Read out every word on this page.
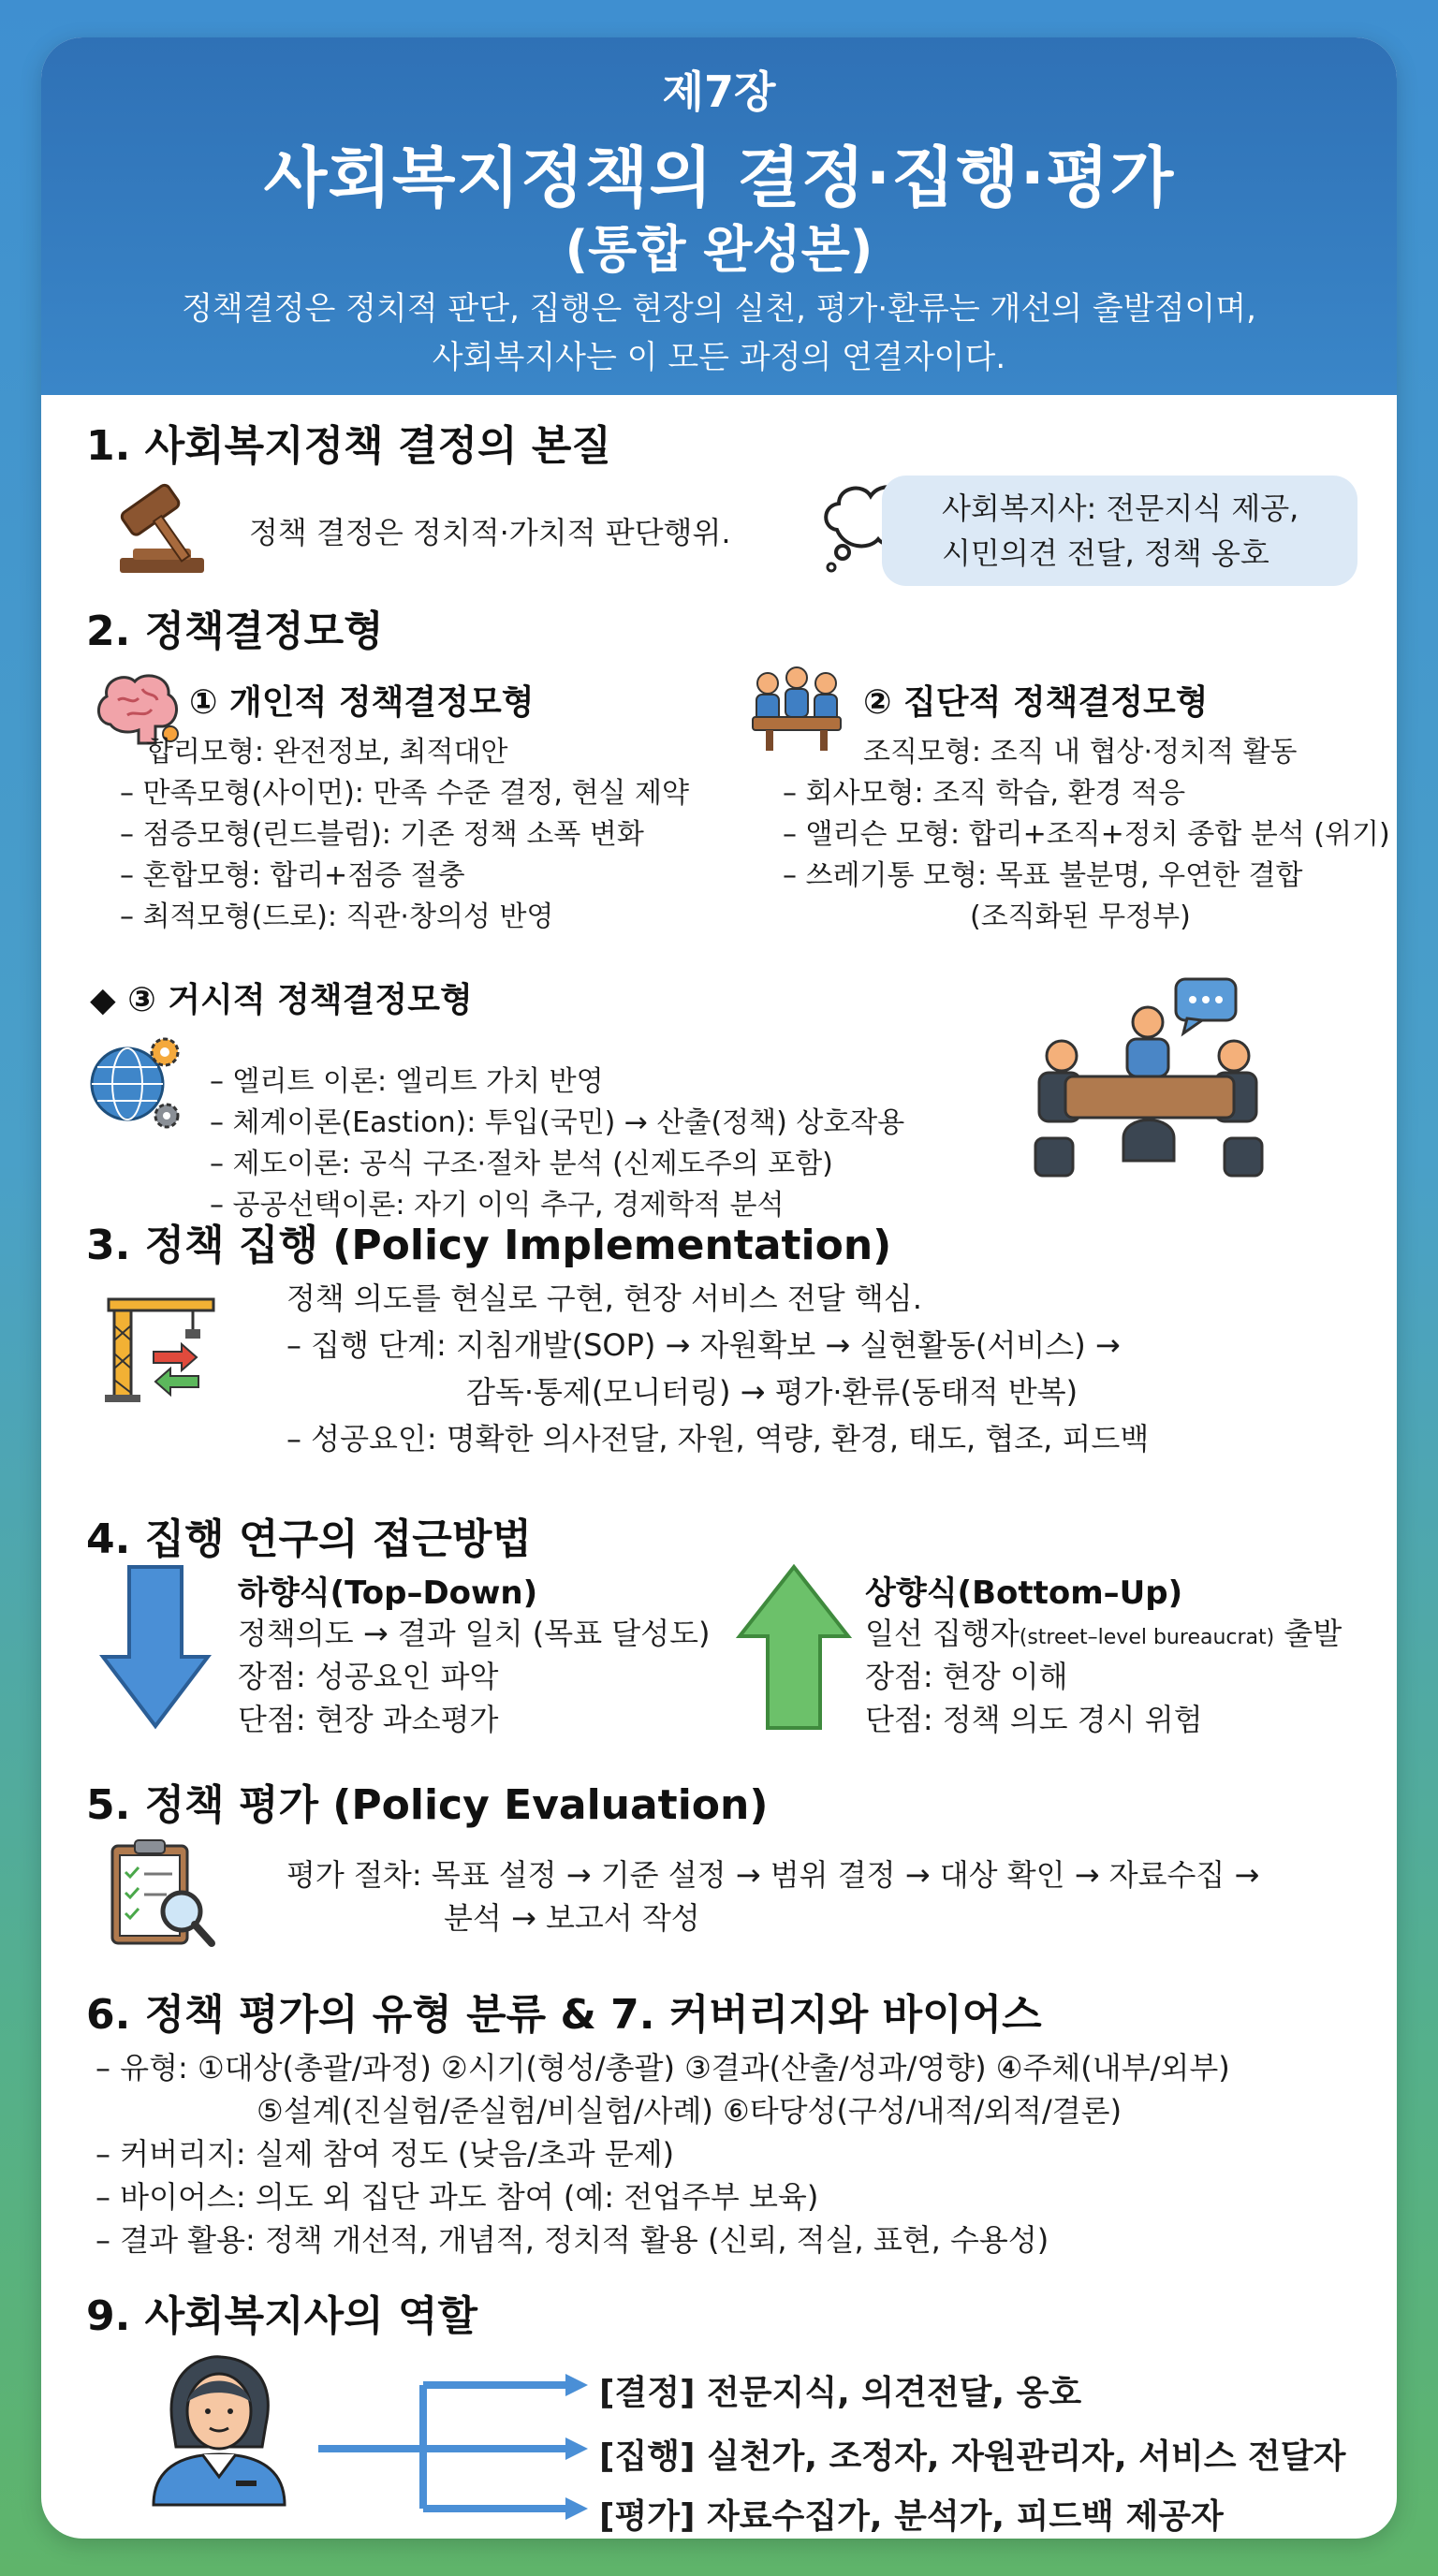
제7장
사회복지정책의 결정·집행·평가
(통합 완성본)
정책결정은 정치적 판단, 집행은 현장의 실천, 평가·환류는 개선의 출발점이며,
사회복지사는 이 모든 과정의 연결자이다.
1. 사회복지정책 결정의 본질
정책 결정은 정치적·가치적 판단행위.
사회복지사: 전문지식 제공,
시민의견 전달, 정책 옹호
2. 정책결정모형
① 개인적 정책결정모형
합리모형: 완전정보, 최적대안
– 만족모형(사이먼): 만족 수준 결정, 현실 제약
– 점증모형(린드블럼): 기존 정책 소폭 변화
– 혼합모형: 합리+점증 절충
– 최적모형(드로): 직관·창의성 반영
② 집단적 정책결정모형
조직모형: 조직 내 협상·정치적 활동
– 회사모형: 조직 학습, 환경 적응
– 앨리슨 모형: 합리+조직+정치 종합 분석 (위기)
– 쓰레기통 모형: 목표 불분명, 우연한 결합
(조직화된 무정부)
◆ ③ 거시적 정책결정모형
– 엘리트 이론: 엘리트 가치 반영
– 체계이론(Eastion): 투입(국민) → 산출(정책) 상호작용
– 제도이론: 공식 구조·절차 분석 (신제도주의 포함)
– 공공선택이론: 자기 이익 추구, 경제학적 분석
3. 정책 집행 (Policy Implementation)
정책 의도를 현실로 구현, 현장 서비스 전달 핵심.
– 집행 단계: 지침개발(SOP) → 자원확보 → 실현활동(서비스) →
감독·통제(모니터링) → 평가·환류(동태적 반복)
– 성공요인: 명확한 의사전달, 자원, 역량, 환경, 태도, 협조, 피드백
4. 집행 연구의 접근방법
하향식(Top–Down)
정책의도 → 결과 일치 (목표 달성도)
장점: 성공요인 파악
단점: 현장 과소평가
상향식(Bottom–Up)
일선 집행자(street–level bureaucrat) 출발
장점: 현장 이해
단점: 정책 의도 경시 위험
5. 정책 평가 (Policy Evaluation)
평가 절차: 목표 설정 → 기준 설정 → 범위 결정 → 대상 확인 → 자료수집 →
분석 → 보고서 작성
6. 정책 평가의 유형 분류 & 7. 커버리지와 바이어스
– 유형: ①대상(총괄/과정) ②시기(형성/총괄) ③결과(산출/성과/영향) ④주체(내부/외부)
⑤설계(진실험/준실험/비실험/사례) ⑥타당성(구성/내적/외적/결론)
– 커버리지: 실제 참여 정도 (낮음/초과 문제)
– 바이어스: 의도 외 집단 과도 참여 (예: 전업주부 보육)
– 결과 활용: 정책 개선적, 개념적, 정치적 활용 (신뢰, 적실, 표현, 수용성)
9. 사회복지사의 역할
[결정] 전문지식, 의견전달, 옹호
[집행] 실천가, 조정자, 자원관리자, 서비스 전달자
[평가] 자료수집가, 분석가, 피드백 제공자
